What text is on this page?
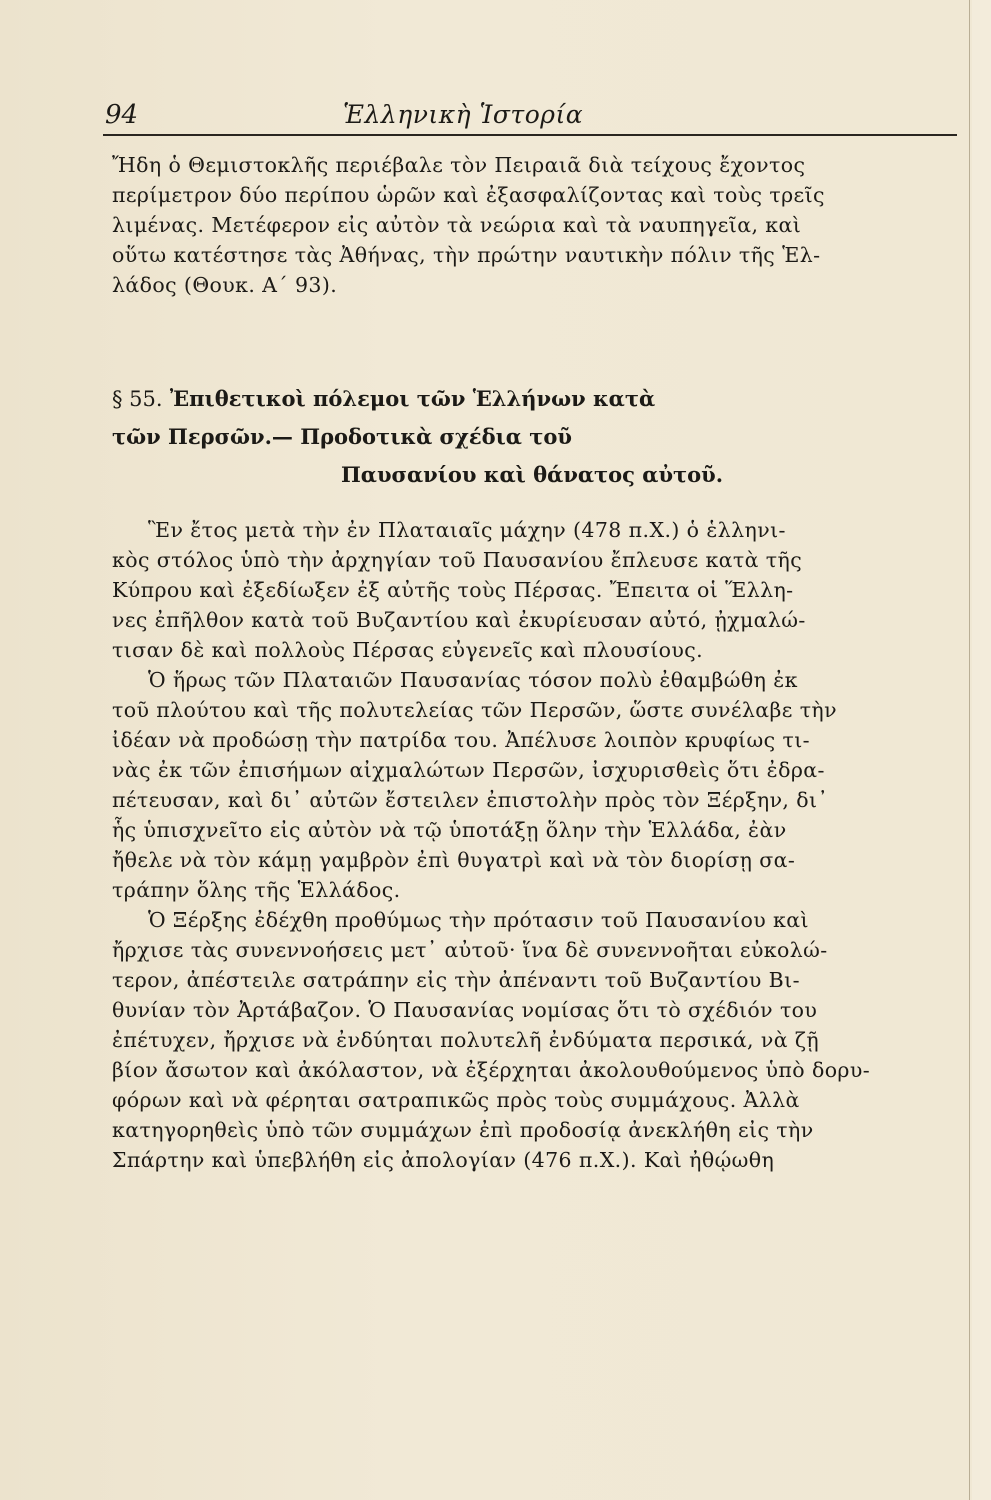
94	Ἑλληνικὴ Ἱστορία
Ἤδη ὁ Θεμιστοκλῆς περιέβαλε τὸν Πειραιᾶ διὰ τείχους ἔχοντος
περίμετρον δύο περίπου ὡρῶν καὶ ἐξασφαλίζοντας καὶ τοὺς τρεῖς
λιμένας. Μετέφερον εἰς αὐτὸν τὰ νεώρια καὶ τὰ ναυπηγεῖα, καὶ
οὕτω κατέστησε τὰς Ἀθήνας, τὴν πρώτην ναυτικὴν πόλιν τῆς Ἑλ-
λάδος (Θουκ. Α΄ 93).
§ 55. Ἐπιθετικοὶ πόλεμοι τῶν Ἑλλήνων κατὰ
τῶν Περσῶν.— Προδοτικὰ σχέδια τοῦ
Παυσανίου καὶ θάνατος αὐτοῦ.
Ἓν ἔτος μετὰ τὴν ἐν Πλαταιαῖς μάχην (478 π.Χ.) ὁ ἑλληνι-
κὸς στόλος ὑπὸ τὴν ἀρχηγίαν τοῦ Παυσανίου ἔπλευσε κατὰ τῆς
Κύπρου καὶ ἐξεδίωξεν ἐξ αὐτῆς τοὺς Πέρσας. Ἔπειτα οἱ Ἕλλη-
νες ἐπῆλθον κατὰ τοῦ Βυζαντίου καὶ ἐκυρίευσαν αὐτό, ᾐχμαλώ-
τισαν δὲ καὶ πολλοὺς Πέρσας εὐγενεῖς καὶ πλουσίους.
Ὁ ἥρως τῶν Πλαταιῶν Παυσανίας τόσον πολὺ ἐθαμβώθη ἐκ
τοῦ πλούτου καὶ τῆς πολυτελείας τῶν Περσῶν, ὥστε συνέλαβε τὴν
ἰδέαν νὰ προδώσῃ τὴν πατρίδα του. Ἀπέλυσε λοιπὸν κρυφίως τι-
νὰς ἐκ τῶν ἐπισήμων αἰχμαλώτων Περσῶν, ἰσχυρισθεὶς ὅτι ἐδρα-
πέτευσαν, καὶ δι᾽ αὐτῶν ἔστειλεν ἐπιστολὴν πρὸς τὸν Ξέρξην, δι᾽
ἧς ὑπισχνεῖτο εἰς αὐτὸν νὰ τῷ ὑποτάξῃ ὅλην τὴν Ἑλλάδα, ἐὰν
ἤθελε νὰ τὸν κάμῃ γαμβρὸν ἐπὶ θυγατρὶ καὶ νὰ τὸν διορίσῃ σα-
τράπην ὅλης τῆς Ἑλλάδος.
Ὁ Ξέρξης ἐδέχθη προθύμως τὴν πρότασιν τοῦ Παυσανίου καὶ
ἤρχισε τὰς συνεννοήσεις μετ᾽ αὐτοῦ· ἵνα δὲ συνεννοῆται εὐκολώ-
τερον, ἀπέστειλε σατράπην εἰς τὴν ἀπέναντι τοῦ Βυζαντίου Βι-
θυνίαν τὸν Ἀρτάβαζον. Ὁ Παυσανίας νομίσας ὅτι τὸ σχέδιόν του
ἐπέτυχεν, ἤρχισε νὰ ἐνδύηται πολυτελῆ ἐνδύματα περσικά, νὰ ζῇ
βίον ἄσωτον καὶ ἀκόλαστον, νὰ ἐξέρχηται ἀκολουθούμενος ὑπὸ δορυ-
φόρων καὶ νὰ φέρηται σατραπικῶς πρὸς τοὺς συμμάχους. Ἀλλὰ
κατηγορηθεὶς ὑπὸ τῶν συμμάχων ἐπὶ προδοσίᾳ ἀνεκλήθη εἰς τὴν
Σπάρτην καὶ ὑπεβλήθη εἰς ἀπολογίαν (476 π.Χ.). Καὶ ἠθῴωθη
